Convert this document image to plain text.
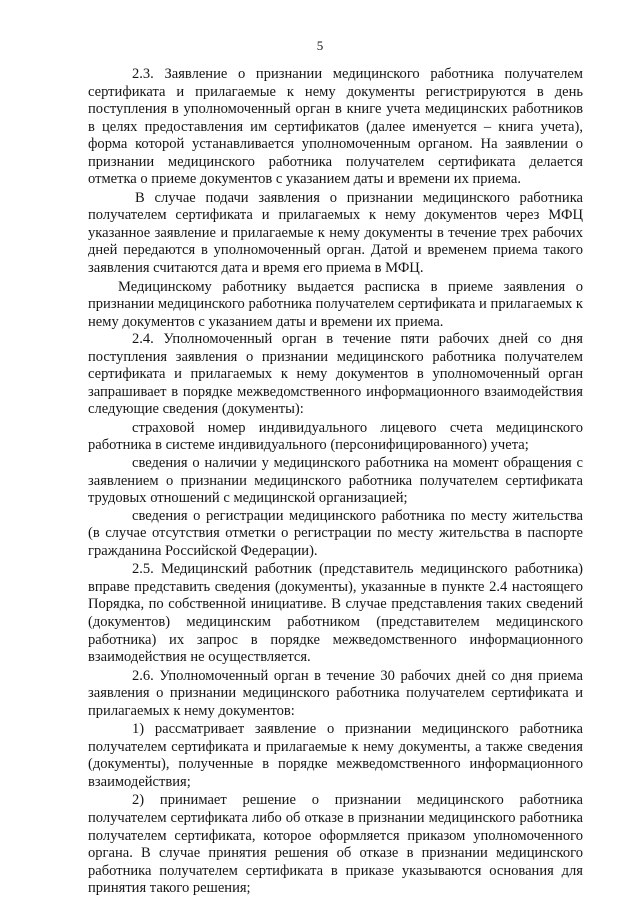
5

2.3. Заявление о признании медицинского работника получателем сертификата и прилагаемые к нему документы регистрируются в день поступления в уполномоченный орган в книге учета медицинских работников в целях предоставления им сертификатов (далее именуется – книга учета), форма которой устанавливается уполномоченным органом. На заявлении о признании медицинского работника получателем сертификата делается отметка о приеме документов с указанием даты и времени их приема.

В случае подачи заявления о признании медицинского работника получателем сертификата и прилагаемых к нему документов через МФЦ указанное заявление и прилагаемые к нему документы в течение трех рабочих дней передаются в уполномоченный орган. Датой и временем приема такого заявления считаются дата и время его приема в МФЦ.

Медицинскому работнику выдается расписка в приеме заявления о признании медицинского работника получателем сертификата и прилагаемых к нему документов с указанием даты и времени их приема.

2.4. Уполномоченный орган в течение пяти рабочих дней со дня поступления заявления о признании медицинского работника получателем сертификата и прилагаемых к нему документов в уполномоченный орган запрашивает в порядке межведомственного информационного взаимодействия следующие сведения (документы):

страховой номер индивидуального лицевого счета медицинского работника в системе индивидуального (персонифицированного) учета;

сведения о наличии у медицинского работника на момент обращения с заявлением о признании медицинского работника получателем сертификата трудовых отношений с медицинской организацией;

сведения о регистрации медицинского работника по месту жительства (в случае отсутствия отметки о регистрации по месту жительства в паспорте гражданина Российской Федерации).

2.5. Медицинский работник (представитель медицинского работника) вправе представить сведения (документы), указанные в пункте 2.4 настоящего Порядка, по собственной инициативе. В случае представления таких сведений (документов) медицинским работником (представителем медицинского работника) их запрос в порядке межведомственного информационного взаимодействия не осуществляется.

2.6. Уполномоченный орган в течение 30 рабочих дней со дня приема заявления о признании медицинского работника получателем сертификата и прилагаемых к нему документов:

1) рассматривает заявление о признании медицинского работника получателем сертификата и прилагаемые к нему документы, а также сведения (документы), полученные в порядке межведомственного информационного взаимодействия;

2) принимает решение о признании медицинского работника получателем сертификата либо об отказе в признании медицинского работника получателем сертификата, которое оформляется приказом уполномоченного органа. В случае принятия решения об отказе в признании медицинского работника получателем сертификата в приказе указываются основания для принятия такого решения;
